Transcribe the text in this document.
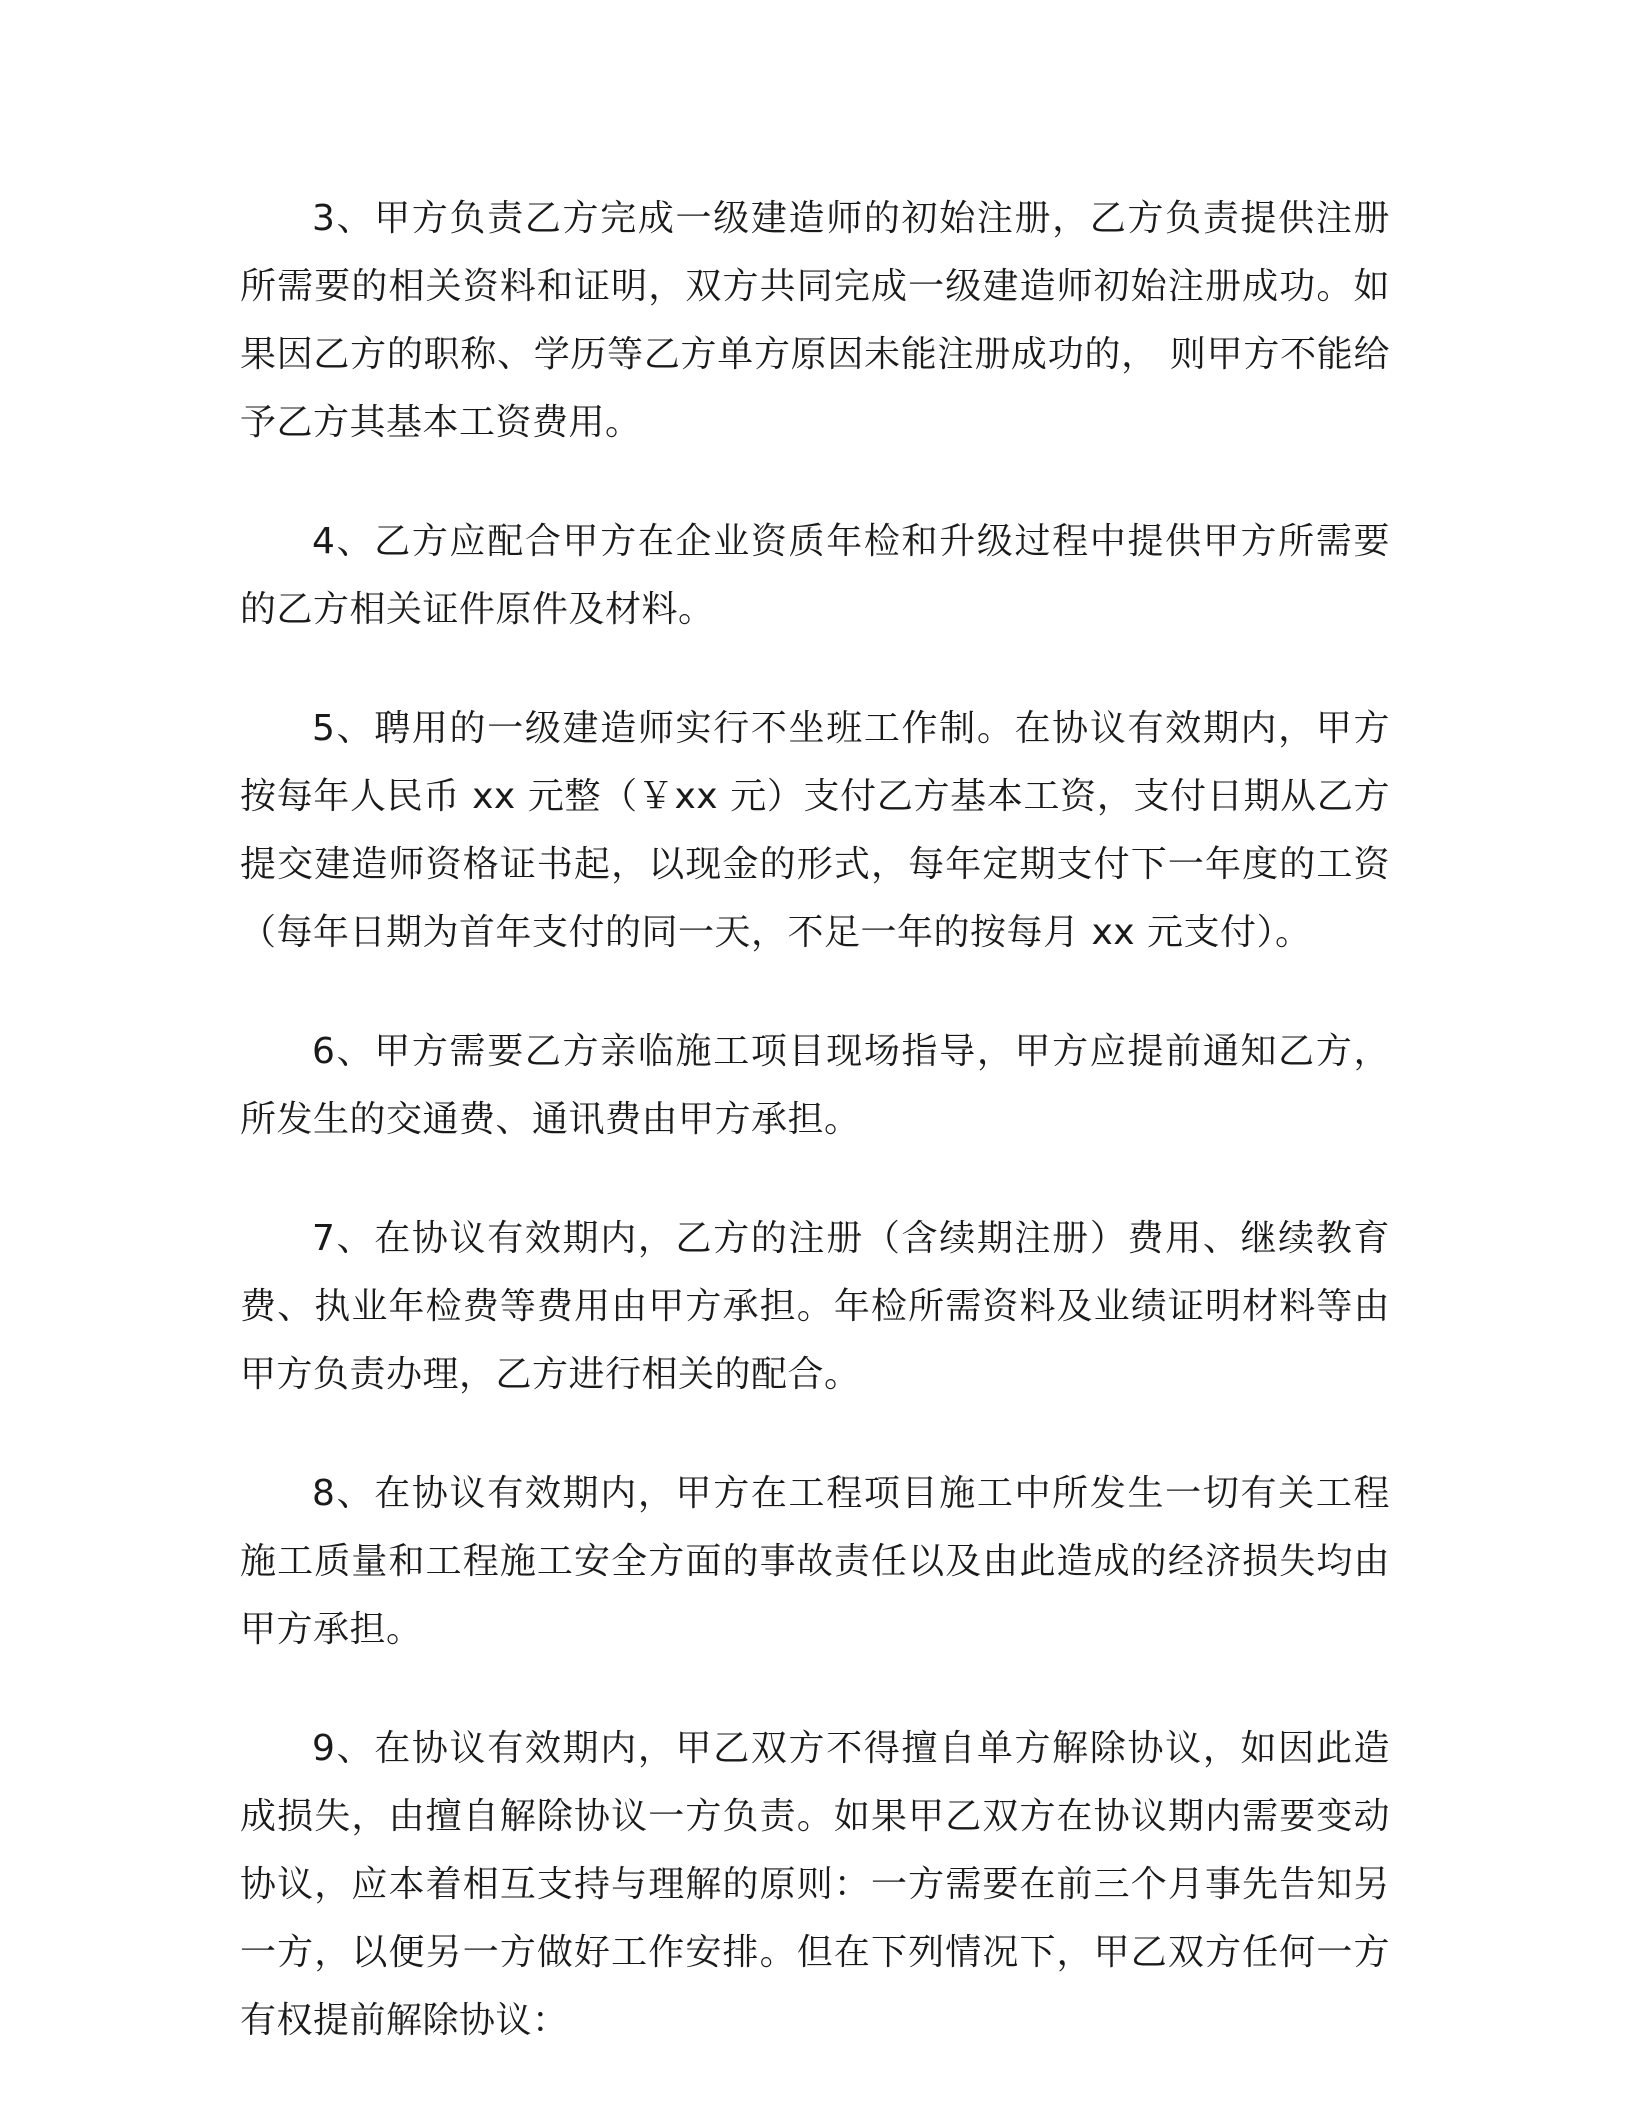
3、甲方负责乙方完成一级建造师的初始注册，乙方负责提供注册所需要的相关资料和证明，双方共同完成一级建造师初始注册成功。如果因乙方的职称、学历等乙方单方原因未能注册成功的， 则甲方不能给予乙方其基本工资费用。

4、乙方应配合甲方在企业资质年检和升级过程中提供甲方所需要的乙方相关证件原件及材料。

5、聘用的一级建造师实行不坐班工作制。在协议有效期内，甲方按每年人民币 xx 元整（￥xx 元）支付乙方基本工资，支付日期从乙方提交建造师资格证书起，以现金的形式，每年定期支付下一年度的工资（每年日期为首年支付的同一天，不足一年的按每月 xx 元支付）。

6、甲方需要乙方亲临施工项目现场指导，甲方应提前通知乙方，所发生的交通费、通讯费由甲方承担。

7、在协议有效期内，乙方的注册（含续期注册）费用、继续教育费、执业年检费等费用由甲方承担。年检所需资料及业绩证明材料等由甲方负责办理，乙方进行相关的配合。

8、在协议有效期内，甲方在工程项目施工中所发生一切有关工程施工质量和工程施工安全方面的事故责任以及由此造成的经济损失均由甲方承担。

9、在协议有效期内，甲乙双方不得擅自单方解除协议，如因此造成损失，由擅自解除协议一方负责。如果甲乙双方在协议期内需要变动协议，应本着相互支持与理解的原则：一方需要在前三个月事先告知另一方，以便另一方做好工作安排。但在下列情况下，甲乙双方任何一方有权提前解除协议：
